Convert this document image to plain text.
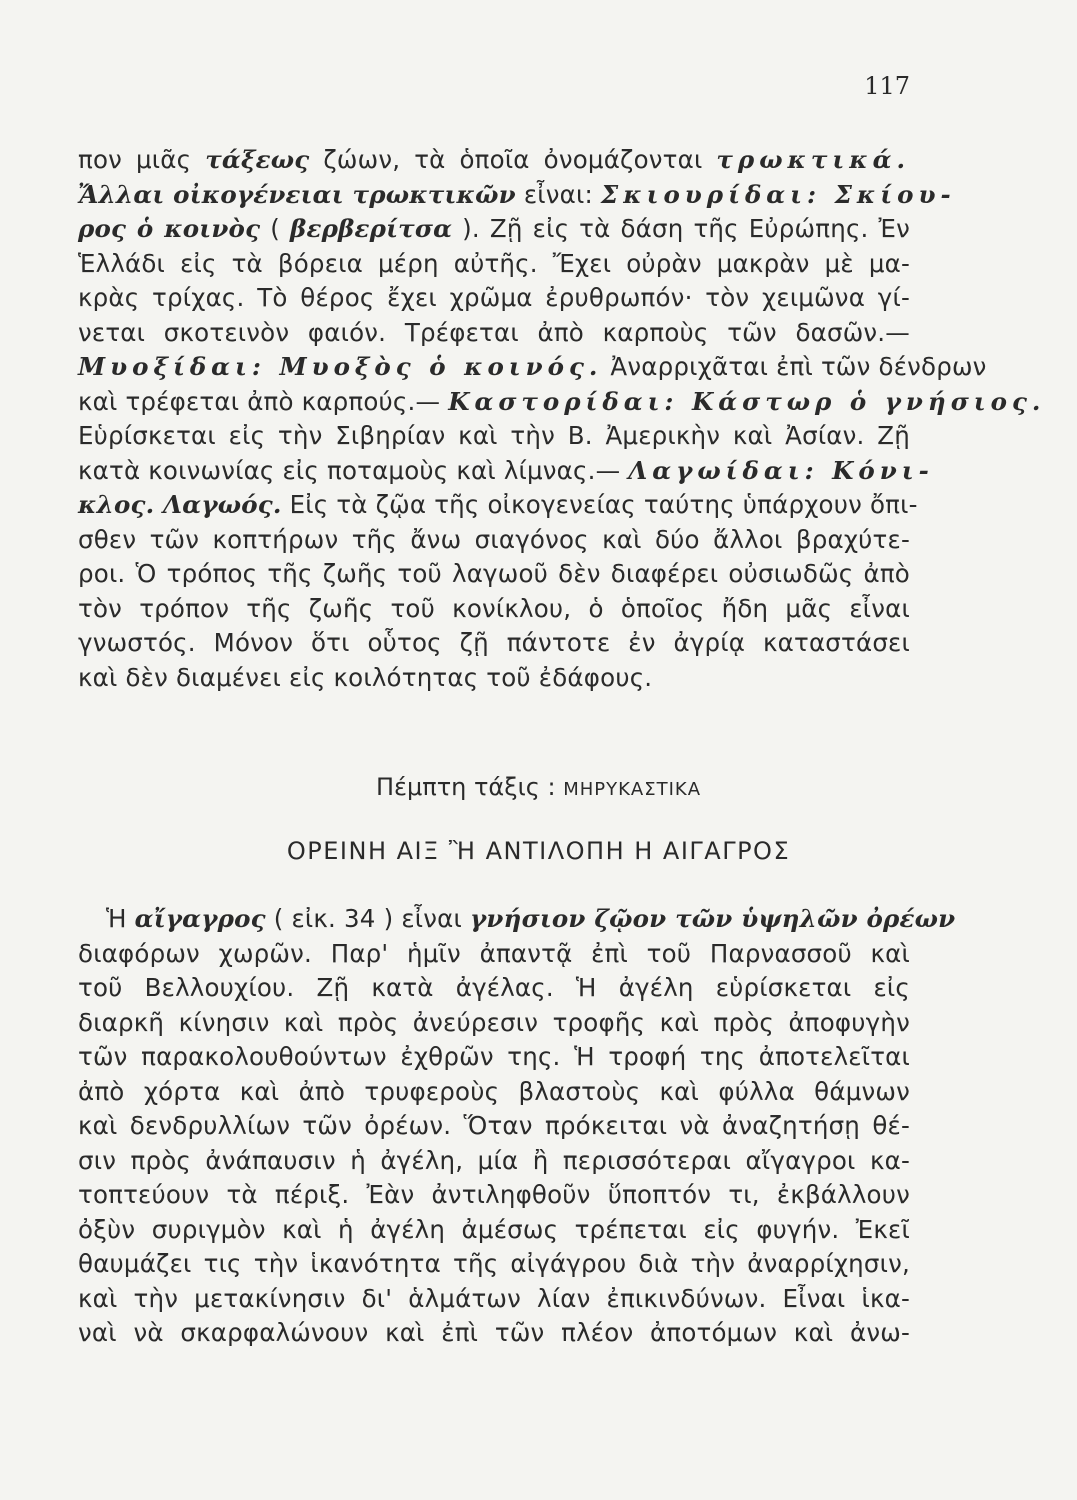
117
πον μιᾶς τάξεως ζώων, τὰ ὁποῖα ὀνομάζονται τρωκτικά.
Ἄλλαι οἰκογένειαι τρωκτικῶν εἶναι: Σκιουρίδαι: Σκίου-
ρος ὁ κοινὸς ( βερβερίτσα ). Ζῇ εἰς τὰ δάση τῆς Εὐρώπης. Ἐν
Ἑλλάδι εἰς τὰ βόρεια μέρη αὐτῆς. Ἔχει οὐρὰν μακρὰν μὲ μα-
κρὰς τρίχας. Τὸ θέρος ἔχει χρῶμα ἐρυθρωπόν· τὸν χειμῶνα γί-
νεται σκοτεινὸν φαιόν. Τρέφεται ἀπὸ καρποὺς τῶν δασῶν.—
Μυοξίδαι: Μυοξὸς ὁ κοινός. Ἀναρριχᾶται ἐπὶ τῶν δένδρων
καὶ τρέφεται ἀπὸ καρπούς.— Καστορίδαι: Κάστωρ ὁ γνήσιος.
Εὑρίσκεται εἰς τὴν Σιβηρίαν καὶ τὴν Β. Ἀμερικὴν καὶ Ἀσίαν. Ζῇ
κατὰ κοινωνίας εἰς ποταμοὺς καὶ λίμνας.— Λαγωίδαι: Κόνι-
κλος. Λαγωός. Εἰς τὰ ζῷα τῆς οἰκογενείας ταύτης ὑπάρχουν ὄπι-
σθεν τῶν κοπτήρων τῆς ἄνω σιαγόνος καὶ δύο ἄλλοι βραχύτε-
ροι. Ὁ τρόπος τῆς ζωῆς τοῦ λαγωοῦ δὲν διαφέρει οὐσιωδῶς ἀπὸ
τὸν τρόπον τῆς ζωῆς τοῦ κονίκλου, ὁ ὁποῖος ἤδη μᾶς εἶναι
γνωστός. Μόνον ὅτι οὗτος ζῇ πάντοτε ἐν ἀγρίᾳ καταστάσει
καὶ δὲν διαμένει εἰς κοιλότητας τοῦ ἐδάφους.
Πέμπτη τάξις : ΜΗΡΥΚΑΣΤΙΚΑ
ΟΡΕΙΝΗ ΑΙΞ Ἢ ΑΝΤΙΛΟΠΗ Η ΑΙΓΑΓΡΟΣ
Ἡ αἴγαγρος ( εἰκ. 34 ) εἶναι γνήσιον ζῷον τῶν ὑψηλῶν ὀρέων
διαφόρων χωρῶν. Παρ' ἡμῖν ἀπαντᾷ ἐπὶ τοῦ Παρνασσοῦ καὶ
τοῦ Βελλουχίου. Ζῇ κατὰ ἀγέλας. Ἡ ἀγέλη εὑρίσκεται εἰς
διαρκῆ κίνησιν καὶ πρὸς ἀνεύρεσιν τροφῆς καὶ πρὸς ἀποφυγὴν
τῶν παρακολουθούντων ἐχθρῶν της. Ἡ τροφή της ἀποτελεῖται
ἀπὸ χόρτα καὶ ἀπὸ τρυφεροὺς βλαστοὺς καὶ φύλλα θάμνων
καὶ δενδρυλλίων τῶν ὀρέων. Ὅταν πρόκειται νὰ ἀναζητήσῃ θέ-
σιν πρὸς ἀνάπαυσιν ἡ ἀγέλη, μία ἢ περισσότεραι αἴγαγροι κα-
τοπτεύουν τὰ πέριξ. Ἐὰν ἀντιληφθοῦν ὕποπτόν τι, ἐκβάλλουν
ὀξὺν συριγμὸν καὶ ἡ ἀγέλη ἀμέσως τρέπεται εἰς φυγήν. Ἐκεῖ
θαυμάζει τις τὴν ἱκανότητα τῆς αἰγάγρου διὰ τὴν ἀναρρίχησιν,
καὶ τὴν μετακίνησιν δι' ἁλμάτων λίαν ἐπικινδύνων. Εἶναι ἱκα-
ναὶ νὰ σκαρφαλώνουν καὶ ἐπὶ τῶν πλέον ἀποτόμων καὶ ἀνω-
